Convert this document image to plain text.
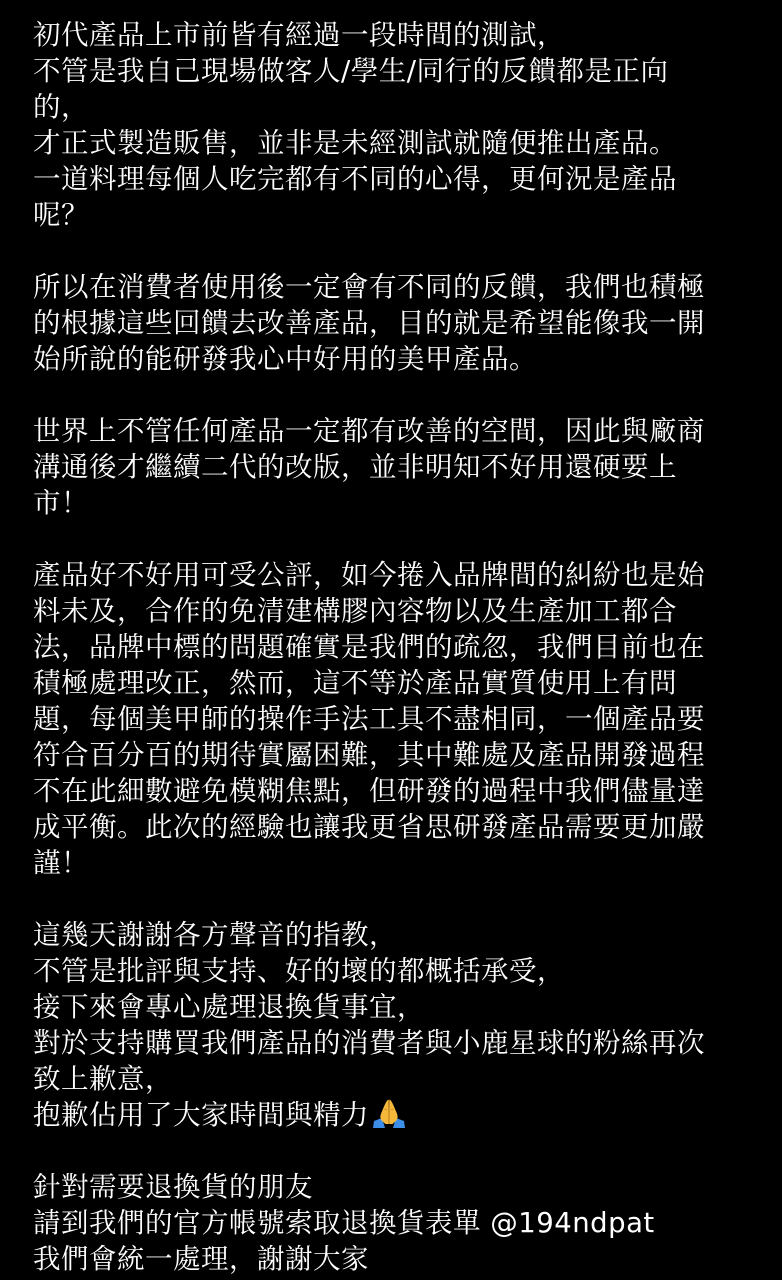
初代產品上市前皆有經過一段時間的測試，
不管是我自己現場做客人/學生/同行的反饋都是正向
的，
才正式製造販售，並非是未經測試就隨便推出產品。
一道料理每個人吃完都有不同的心得，更何況是產品
呢？
所以在消費者使用後一定會有不同的反饋，我們也積極
的根據這些回饋去改善產品，目的就是希望能像我一開
始所說的能研發我心中好用的美甲產品。
世界上不管任何產品一定都有改善的空間，因此與廠商
溝通後才繼續二代的改版，並非明知不好用還硬要上
市！
產品好不好用可受公評，如今捲入品牌間的糾紛也是始
料未及，合作的免清建構膠內容物以及生產加工都合
法，品牌中標的問題確實是我們的疏忽，我們目前也在
積極處理改正，然而，這不等於產品實質使用上有問
題，每個美甲師的操作手法工具不盡相同，一個產品要
符合百分百的期待實屬困難，其中難處及產品開發過程
不在此細數避免模糊焦點，但研發的過程中我們儘量達
成平衡。此次的經驗也讓我更省思研發產品需要更加嚴
謹！
這幾天謝謝各方聲音的指教，
不管是批評與支持、好的壞的都概括承受，
接下來會專心處理退換貨事宜，
對於支持購買我們產品的消費者與小鹿星球的粉絲再次
致上歉意，
抱歉佔用了大家時間與精力
針對需要退換貨的朋友
請到我們的官方帳號索取退換貨表單 @194ndpat
我們會統一處理，謝謝大家
